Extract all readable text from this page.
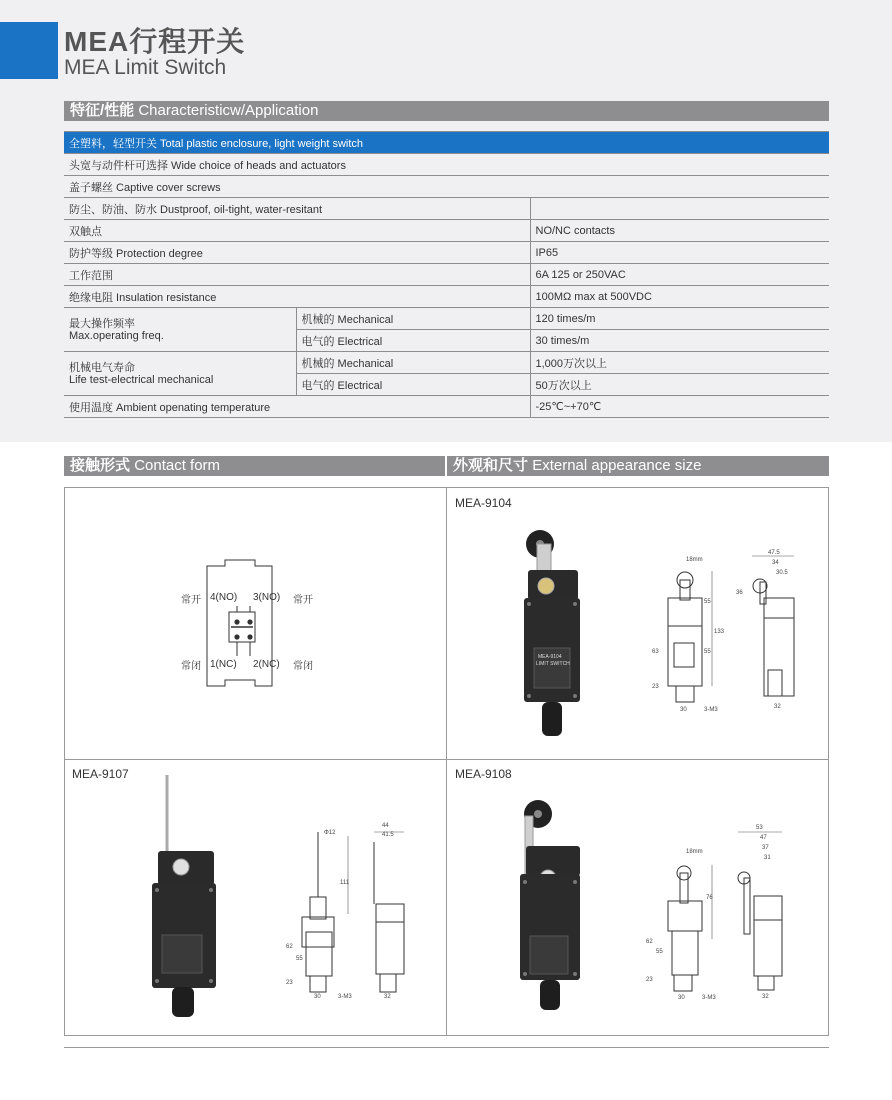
MEA行程开关
MEA Limit Switch
特征/性能 Characteristicw/Application
全塑料，轻型开关 Total plastic enclosure, light weight switch		
头宽与动件杆可选择 Wide choice of heads and actuators		
盖子螺丝 Captive cover screws		
防尘、防油、防水 Dustproof, oil-tight, water-resitant		
双触点		NO/NC contacts
防护等级 Protection degree		IP65
工作范围		6A 125 or 250VAC
绝缘电阻 Insulation resistance		100MΩ max at 500VDC
最大操作频率
Max.operating freq.	机械的 Mechanical	120 times/m
	电气的 Electrical	30 times/m
机械电气寿命
Life test-electrical mechanical	机械的 Mechanical	1,000万次以上
	电气的 Electrical	50万次以上
使用温度 Ambient openating temperature		-25℃~+70℃
接触形式 Contact form	外观和尺寸 External appearance size
常开 4(NO) 3(NO) 常开
常闭 1(NC) 2(NC) 常闭
MEA-9104
MEA-9107	MEA-9108
MEA-9104
LIMIT SWITCH
18mm
55
133
63	55
23
30	3-M3
47.5
34
30.5
36
32
Φ12
111
62
55
23
30	3-M3
44
41.5
32
18mm
76
62
55
23
30	3-M3
53
47
37
31
32
